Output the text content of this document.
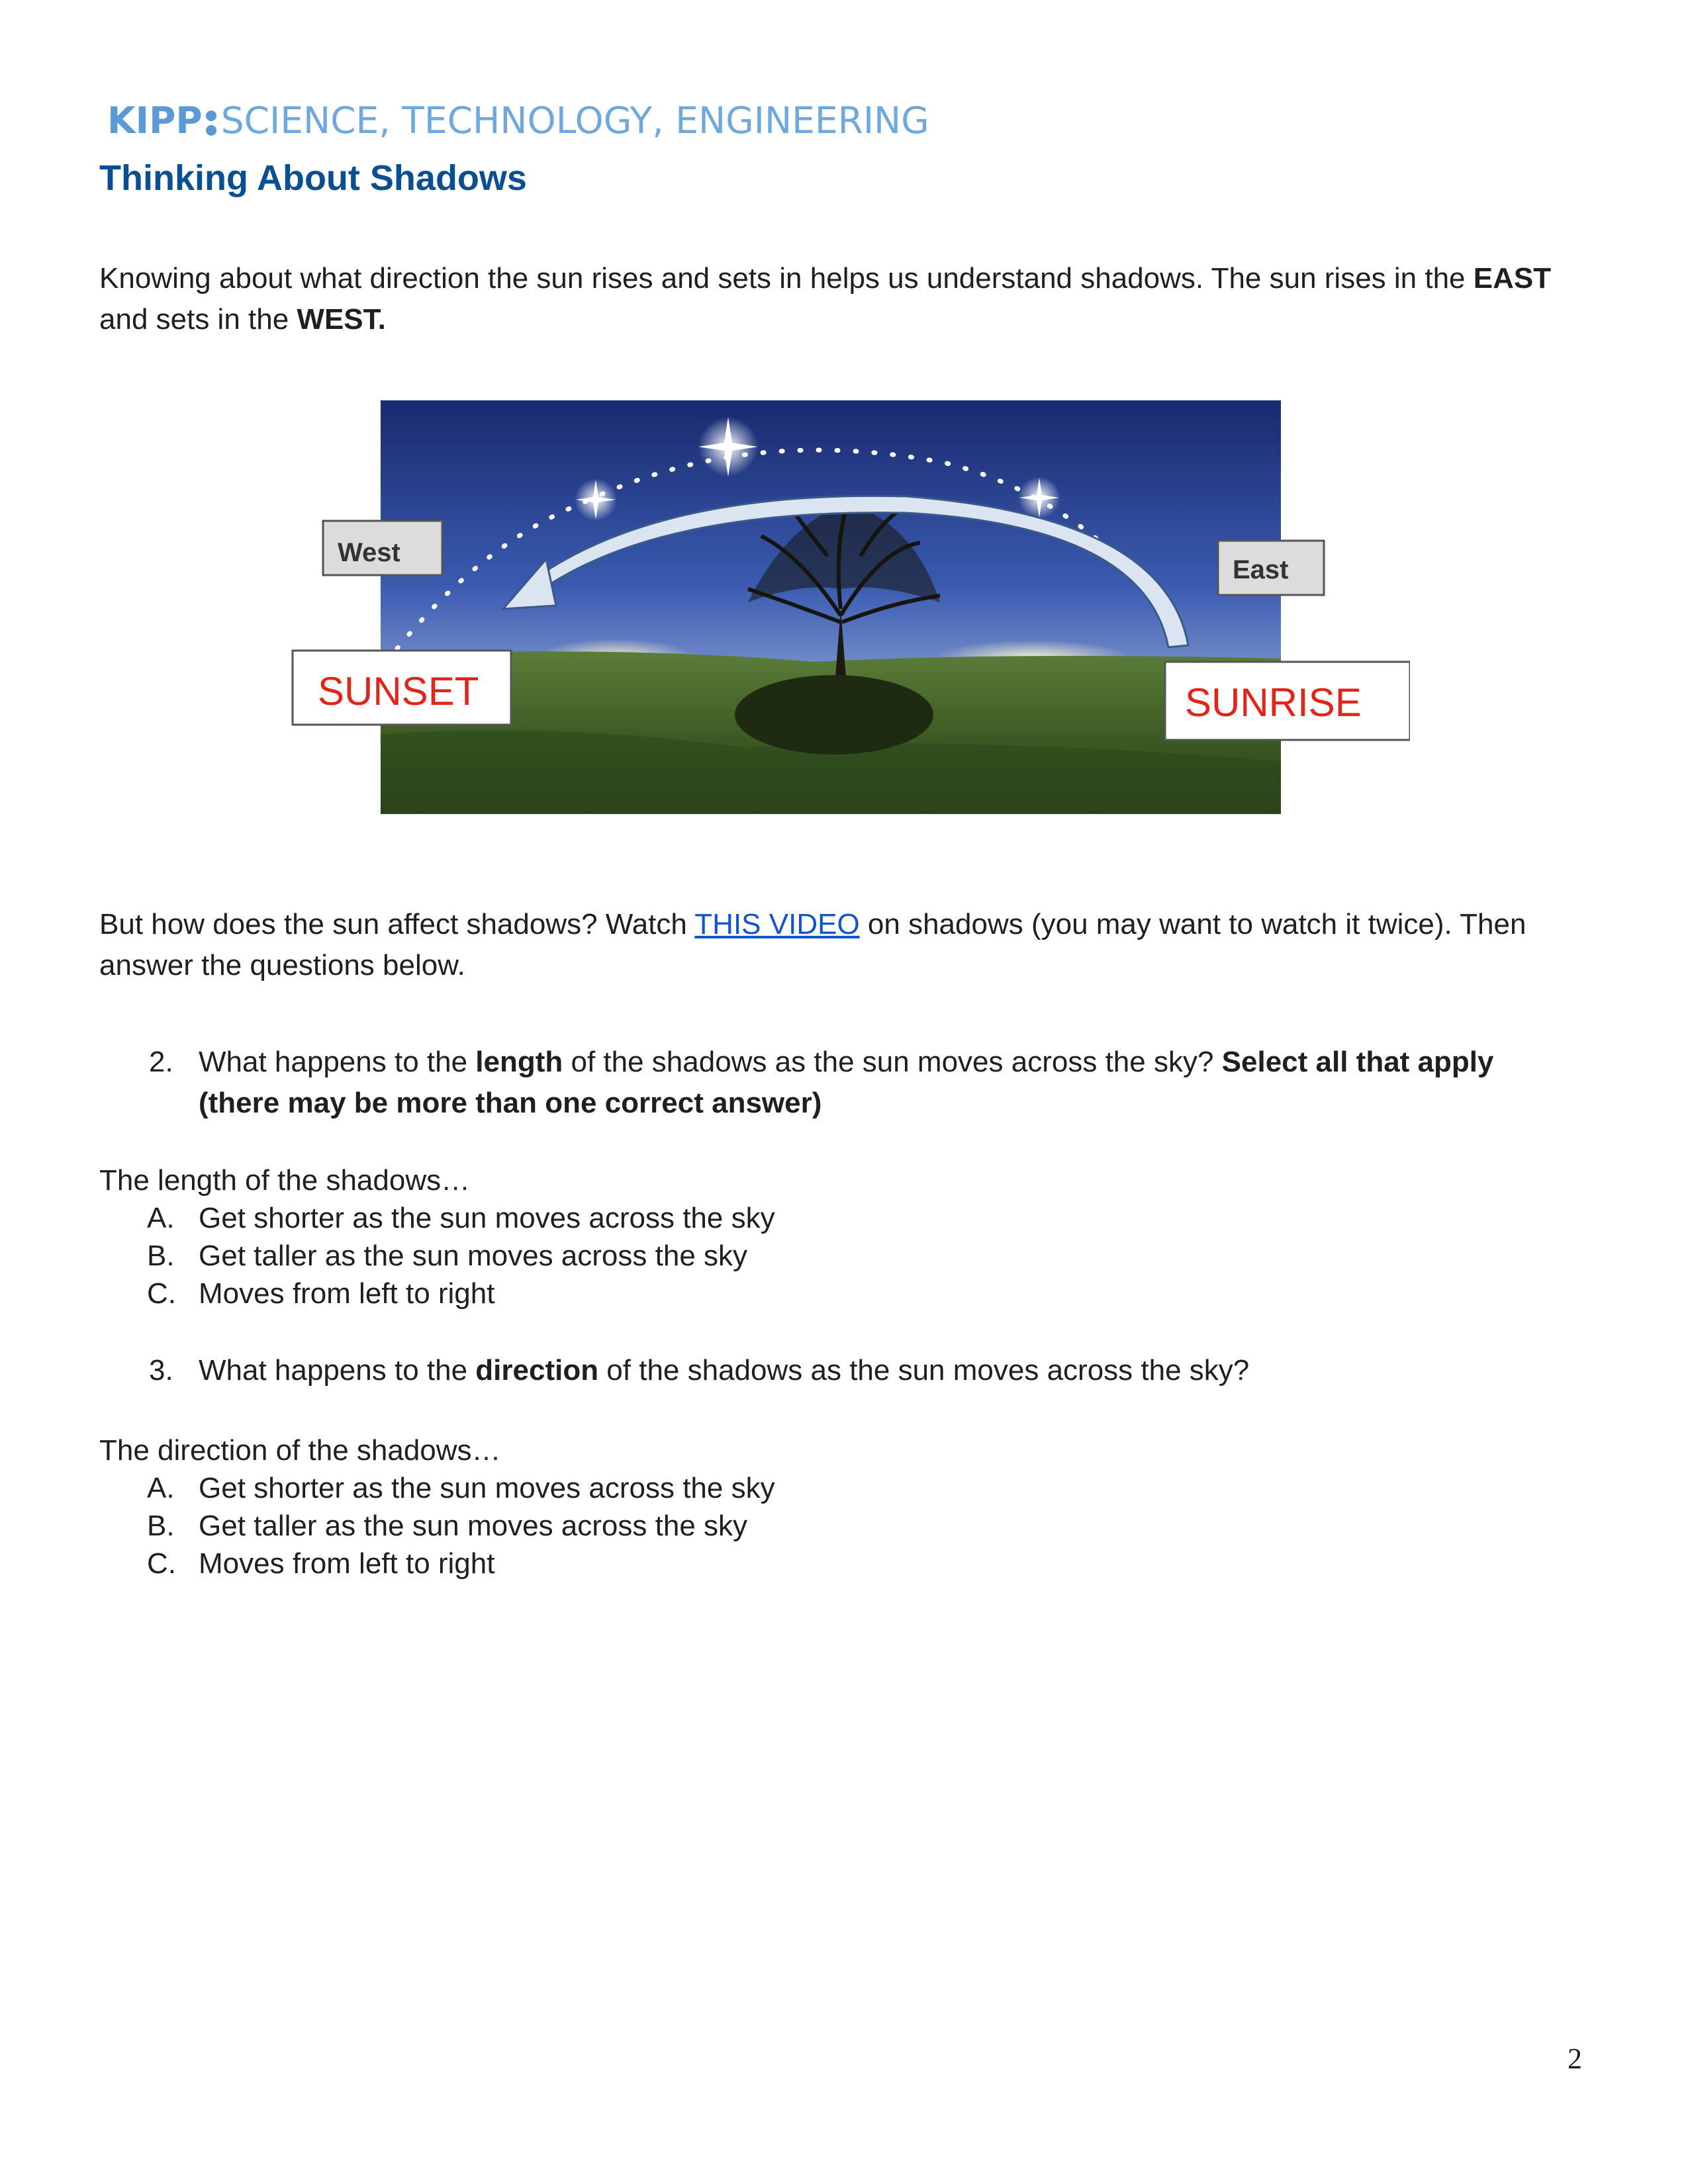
KIPP SCIENCE, TECHNOLOGY, ENGINEERING
Thinking About Shadows

Knowing about what direction the sun rises and sets in helps us understand shadows. The sun rises in the EAST and sets in the WEST.

West
East
SUNSET	SUNRISE

But how does the sun affect shadows? Watch THIS VIDEO on shadows (you may want to watch it twice). Then answer the questions below.

2. What happens to the length of the shadows as the sun moves across the sky? Select all that apply (there may be more than one correct answer)
The length of the shadows…
A. Get shorter as the sun moves across the sky
B. Get taller as the sun moves across the sky
C. Moves from left to right
3. What happens to the direction of the shadows as the sun moves across the sky?
The direction of the shadows…
A. Get shorter as the sun moves across the sky
B. Get taller as the sun moves across the sky
C. Moves from left to right
2
